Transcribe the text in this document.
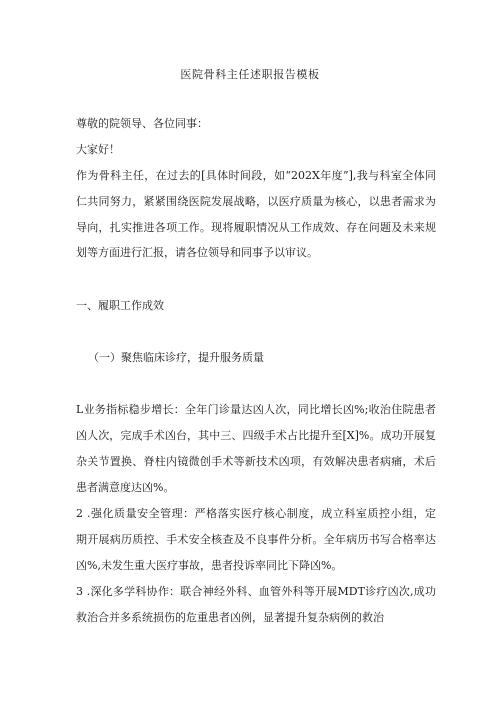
医院骨科主任述职报告模板
尊敬的院领导、各位同事：
大家好！
作为骨科主任，在过去的[具体时间段，如“202X年度”],我与科室全体同
仁共同努力，紧紧围绕医院发展战略，以医疗质量为核心，以患者需求为
导向，扎实推进各项工作。现将履职情况从工作成效、存在问题及未来规
划等方面进行汇报，请各位领导和同事予以审议。
一、履职工作成效
（一）聚焦临床诊疗，提升服务质量
L业务指标稳步增长：全年门诊量达凶人次，同比增长凶%;收治住院患者
凶人次，完成手术凶台，其中三、四级手术占比提升至[X]%。成功开展复
杂关节置换、脊柱内镜微创手术等新技术凶项，有效解决患者病痛，术后
患者满意度达凶%。
2 .强化质量安全管理：严格落实医疗核心制度，成立科室质控小组，定
期开展病历质控、手术安全核查及不良事件分析。全年病历书写合格率达
凶%,未发生重大医疗事故，患者投诉率同比下降凶%。
3 .深化多学科协作：联合神经外科、血管外科等开展MDT诊疗凶次,成功
救治合并多系统损伤的危重患者凶例，显著提升复杂病例的救治
